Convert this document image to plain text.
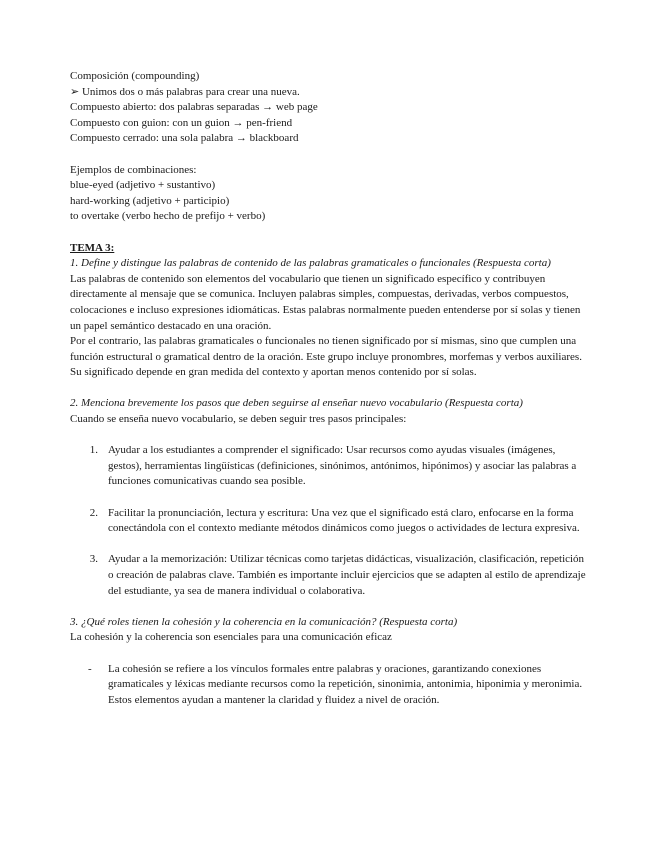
Composición (compounding)
➢ Unimos dos o más palabras para crear una nueva.
Compuesto abierto: dos palabras separadas → web page
Compuesto con guion: con un guion → pen-friend
Compuesto cerrado: una sola palabra → blackboard
Ejemplos de combinaciones:
blue-eyed (adjetivo + sustantivo)
hard-working (adjetivo + participio)
to overtake (verbo hecho de prefijo + verbo)
TEMA 3:
1. Define y distingue las palabras de contenido de las palabras gramaticales o funcionales (Respuesta corta)
Las palabras de contenido son elementos del vocabulario que tienen un significado específico y contribuyen directamente al mensaje que se comunica. Incluyen palabras simples, compuestas, derivadas, verbos compuestos, colocaciones e incluso expresiones idiomáticas. Estas palabras normalmente pueden entenderse por sí solas y tienen un papel semántico destacado en una oración.
Por el contrario, las palabras gramaticales o funcionales no tienen significado por sí mismas, sino que cumplen una función estructural o gramatical dentro de la oración. Este grupo incluye pronombres, morfemas y verbos auxiliares. Su significado depende en gran medida del contexto y aportan menos contenido por sí solas.
2. Menciona brevemente los pasos que deben seguirse al enseñar nuevo vocabulario (Respuesta corta)
Cuando se enseña nuevo vocabulario, se deben seguir tres pasos principales:
1. Ayudar a los estudiantes a comprender el significado: Usar recursos como ayudas visuales (imágenes, gestos), herramientas lingüísticas (definiciones, sinónimos, antónimos, hipónimos) y asociar las palabras a funciones comunicativas cuando sea posible.
2. Facilitar la pronunciación, lectura y escritura: Una vez que el significado está claro, enfocarse en la forma conectándola con el contexto mediante métodos dinámicos como juegos o actividades de lectura expresiva.
3. Ayudar a la memorización: Utilizar técnicas como tarjetas didácticas, visualización, clasificación, repetición o creación de palabras clave. También es importante incluir ejercicios que se adapten al estilo de aprendizaje del estudiante, ya sea de manera individual o colaborativa.
3. ¿Qué roles tienen la cohesión y la coherencia en la comunicación? (Respuesta corta)
La cohesión y la coherencia son esenciales para una comunicación eficaz
-	La cohesión se refiere a los vínculos formales entre palabras y oraciones, garantizando conexiones gramaticales y léxicas mediante recursos como la repetición, sinonimia, antonimia, hiponimia y meronimia. Estos elementos ayudan a mantener la claridad y fluidez a nivel de oración.
